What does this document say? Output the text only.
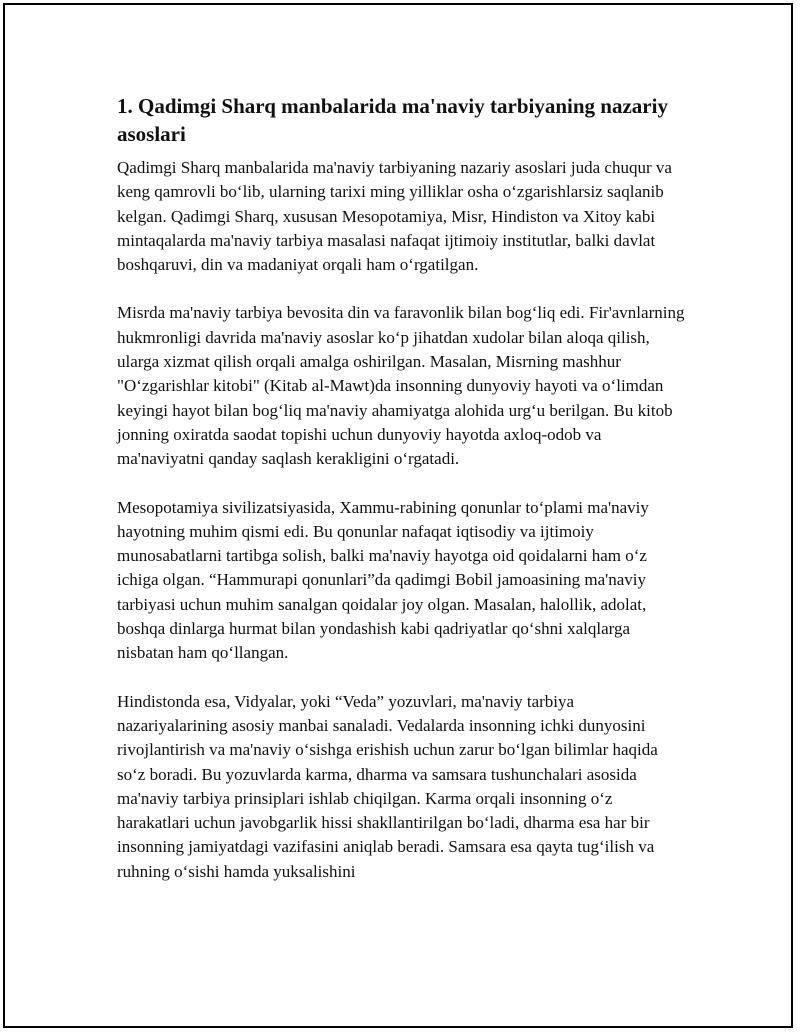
1. Qadimgi Sharq manbalarida ma'naviy tarbiyaning nazariy asoslari

Qadimgi Sharq manbalarida ma'naviy tarbiyaning nazariy asoslari juda chuqur va keng qamrovli bo‘lib, ularning tarixi ming yilliklar osha o‘zgarishlarsiz saqlanib kelgan. Qadimgi Sharq, xususan Mesopotamiya, Misr, Hindiston va Xitoy kabi mintaqalarda ma'naviy tarbiya masalasi nafaqat ijtimoiy institutlar, balki davlat boshqaruvi, din va madaniyat orqali ham o‘rgatilgan.

Misrda ma'naviy tarbiya bevosita din va faravonlik bilan bog‘liq edi. Fir'avnlarning hukmronligi davrida ma'naviy asoslar ko‘p jihatdan xudolar bilan aloqa qilish, ularga xizmat qilish orqali amalga oshirilgan. Masalan, Misrning mashhur "O‘zgarishlar kitobi" (Kitab al-Mawt)da insonning dunyoviy hayoti va o‘limdan keyingi hayot bilan bog‘liq ma'naviy ahamiyatga alohida urg‘u berilgan. Bu kitob jonning oxiratda saodat topishi uchun dunyoviy hayotda axloq-odob va ma'naviyatni qanday saqlash kerakligini o‘rgatadi.

Mesopotamiya sivilizatsiyasida, Xammu-rabining qonunlar to‘plami ma'naviy hayotning muhim qismi edi. Bu qonunlar nafaqat iqtisodiy va ijtimoiy munosabatlarni tartibga solish, balki ma'naviy hayotga oid qoidalarni ham o‘z ichiga olgan. “Hammurapi qonunlari”da qadimgi Bobil jamoasining ma'naviy tarbiyasi uchun muhim sanalgan qoidalar joy olgan. Masalan, halollik, adolat, boshqa dinlarga hurmat bilan yondashish kabi qadriyatlar qo‘shni xalqlarga nisbatan ham qo‘llangan.

Hindistonda esa, Vidyalar, yoki “Veda” yozuvlari, ma'naviy tarbiya nazariyalarining asosiy manbai sanaladi. Vedalarda insonning ichki dunyosini rivojlantirish va ma'naviy o‘sishga erishish uchun zarur bo‘lgan bilimlar haqida so‘z boradi. Bu yozuvlarda karma, dharma va samsara tushunchalari asosida ma'naviy tarbiya prinsiplari ishlab chiqilgan. Karma orqali insonning o‘z harakatlari uchun javobgarlik hissi shakllantirilgan bo‘ladi, dharma esa har bir insonning jamiyatdagi vazifasini aniqlab beradi. Samsara esa qayta tug‘ilish va ruhning o‘sishi hamda yuksalishini
